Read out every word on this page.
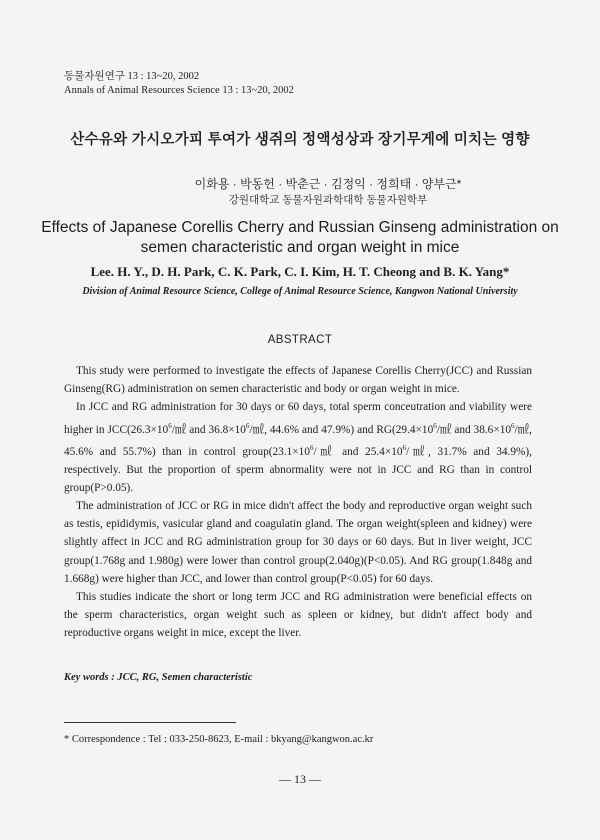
동물자원연구 13 : 13~20, 2002
Annals of Animal Resources Science 13 : 13~20, 2002
산수유와 가시오가피 투여가 생쥐의 정액성상과 장기무게에 미치는 영향
이화용 · 박동헌 · 박춘근 · 김정익 · 정희태 · 양부근*
강원대학교 동물자원과학대학 동물자원학부
Effects of Japanese Corellis Cherry and Russian Ginseng administration on
semen characteristic and organ weight in mice
Lee. H. Y., D. H. Park, C. K. Park, C. I. Kim, H. T. Cheong and B. K. Yang*
Division of Animal Resource Science, College of Animal Resource Science, Kangwon National University
ABSTRACT

This study were performed to investigate the effects of Japanese Corellis Cherry(JCC) and Russian Ginseng(RG) administration on semen characteristic and body or organ weight in mice.

In JCC and RG administration for 30 days or 60 days, total sperm conceutration and viability were higher in $JCC(26.3\times 10^6/㎖$ and $36.8\times 10^6/㎖$, 44.6% and 47.9%) and $RG(29.4\times 10^6/㎖$ and $38.6\times 10^6/㎖$, 45.6% and 55.7%) than in control $group(23.1\times 10^6/㎖$ and $25.4\times 10^6/㎖$, 31.7% and 34.9%), respectively. But the proportion of sperm abnormality were not in JCC and RG than in control group(P>0.05).

The administration of JCC or RG in mice didn't affect the body and reproductive organ weight such as testis, epididymis, vasicular gland and coagulatin gland. The organ weight(spleen and kidney) were slightly affect in JCC and RG administration group for 30 days or 60 days. But in liver weight, JCC group(1.768g and 1.980g) were lower than control group(2.040g)(P<0.05). And RG group(1.848g and 1.668g) were higher than JCC, and lower than control group(P<0.05) for 60 days.

This studies indicate the short or long term JCC and RG administration were beneficial effects on the sperm characteristics, organ weight such as spleen or kidney, but didn't affect body and reproductive organs weight in mice, except the liver.

Key words : JCC, RG, Semen characteristic
* Correspondence : Tel : 033-250-8623, E-mail : bkyang@kangwon.ac.kr
— 13 —
